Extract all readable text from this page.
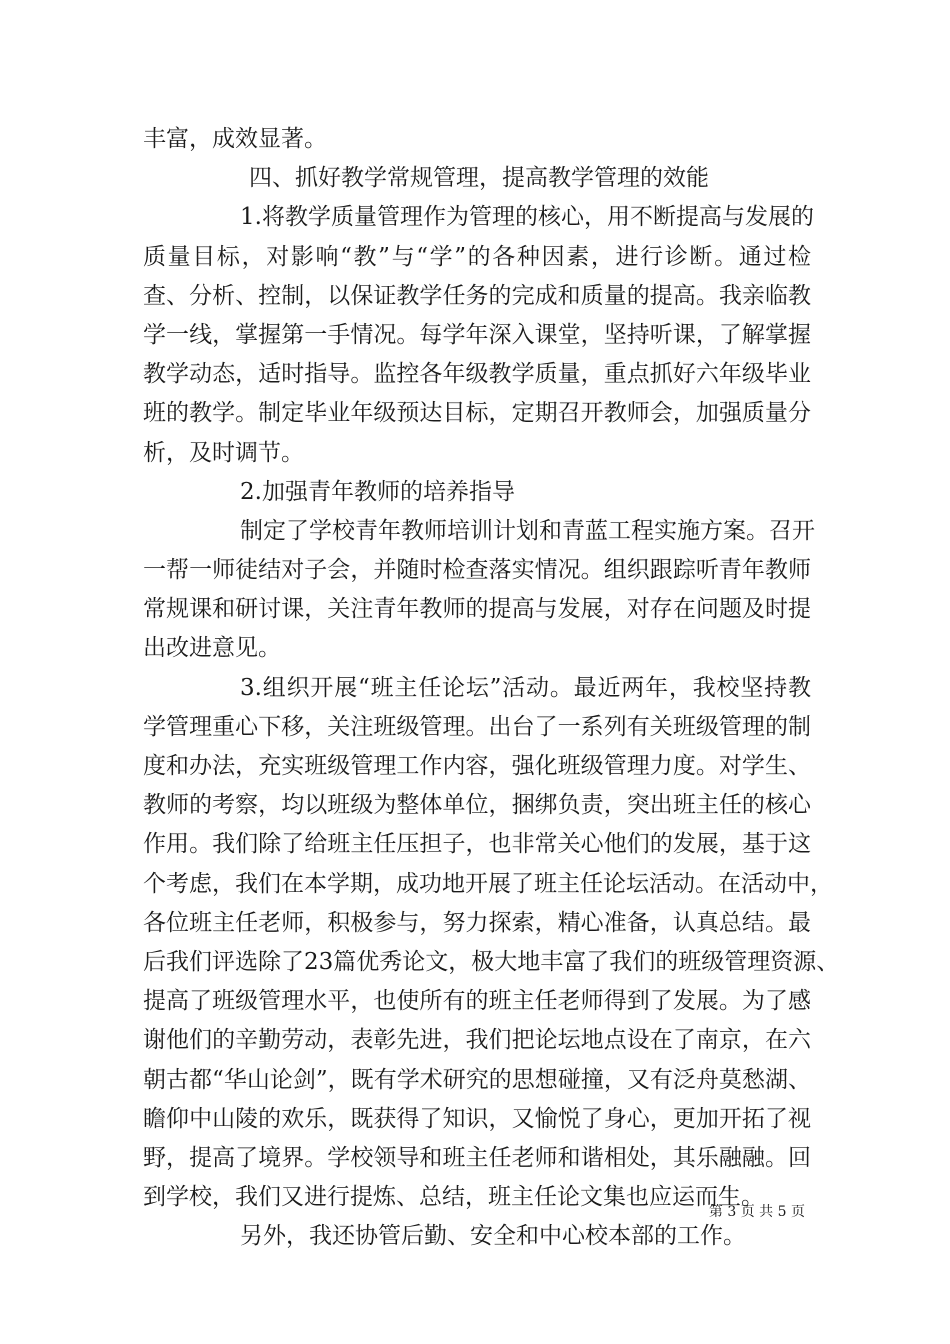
丰富，成效显著。
四、抓好教学常规管理，提高教学管理的效能
1.将教学质量管理作为管理的核心，用不断提高与发展的
质量目标，对影响“教”与“学”的各种因素，进行诊断。通过检
查、分析、控制，以保证教学任务的完成和质量的提高。我亲临教
学一线，掌握第一手情况。每学年深入课堂，坚持听课，了解掌握
教学动态，适时指导。监控各年级教学质量，重点抓好六年级毕业
班的教学。制定毕业年级预达目标，定期召开教师会，加强质量分
析，及时调节。
2.加强青年教师的培养指导
制定了学校青年教师培训计划和青蓝工程实施方案。召开
一帮一师徒结对子会，并随时检查落实情况。组织跟踪听青年教师
常规课和研讨课，关注青年教师的提高与发展，对存在问题及时提
出改进意见。
3.组织开展“班主任论坛”活动。最近两年，我校坚持教
学管理重心下移，关注班级管理。出台了一系列有关班级管理的制
度和办法，充实班级管理工作内容，强化班级管理力度。对学生、
教师的考察，均以班级为整体单位，捆绑负责，突出班主任的核心
作用。我们除了给班主任压担子，也非常关心他们的发展，基于这
个考虑，我们在本学期，成功地开展了班主任论坛活动。在活动中，
各位班主任老师，积极参与，努力探索，精心准备，认真总结。最
后我们评选除了23篇优秀论文，极大地丰富了我们的班级管理资源、
提高了班级管理水平，也使所有的班主任老师得到了发展。为了感
谢他们的辛勤劳动，表彰先进，我们把论坛地点设在了南京，在六
朝古都“华山论剑”，既有学术研究的思想碰撞，又有泛舟莫愁湖、
瞻仰中山陵的欢乐，既获得了知识，又愉悦了身心，更加开拓了视
野，提高了境界。学校领导和班主任老师和谐相处，其乐融融。回
到学校，我们又进行提炼、总结，班主任论文集也应运而生。
另外，我还协管后勤、安全和中心校本部的工作。
第 3 页 共 5 页
